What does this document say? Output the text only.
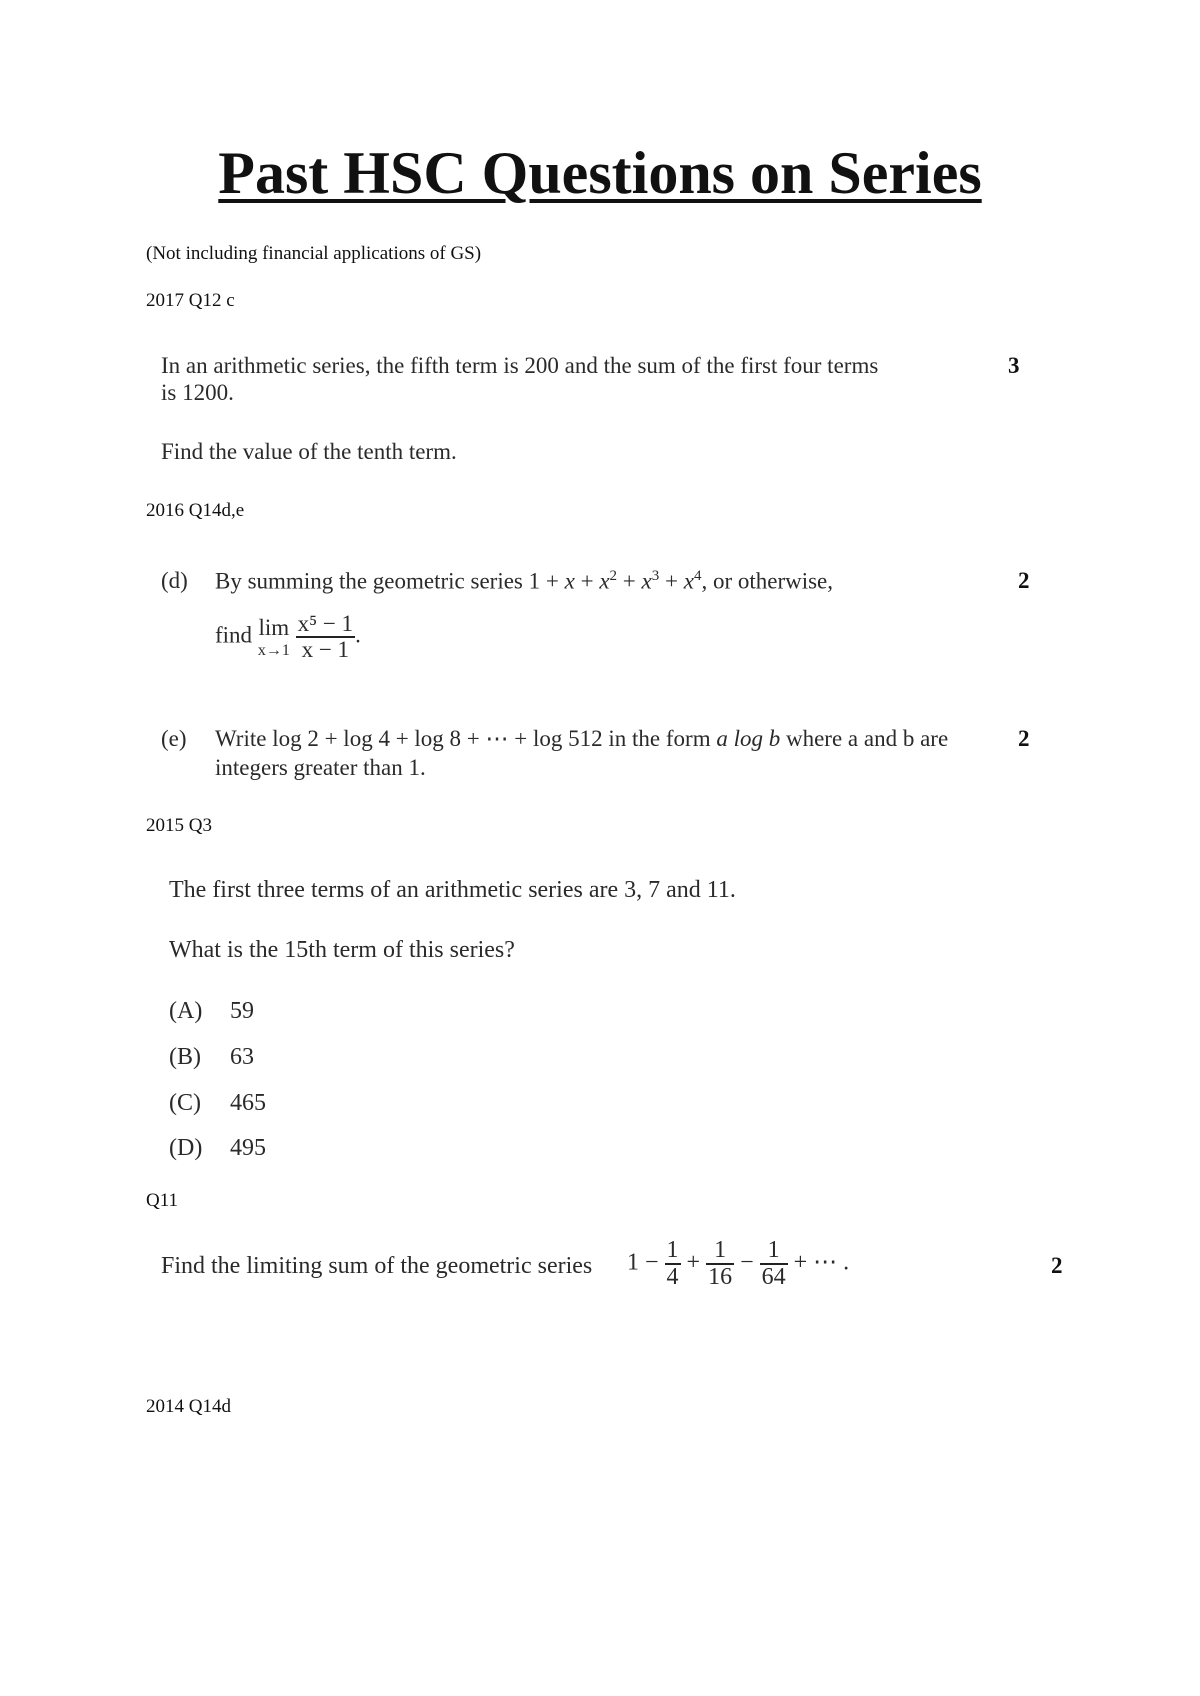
Past HSC Questions on Series
(Not including financial applications of GS)
2017 Q12 c
In an arithmetic series, the fifth term is 200 and the sum of the first four terms
is 1200.
Find the value of the tenth term.
3
2016 Q14d,e
(d) By summing the geometric series $1 + x + x^2 + x^3 + x^4$, or otherwise,	2
find lim
x→1
$\frac{\text{x⁵ − 1}}{x - 1}$ .
(e) Write log 2 + log 4 + log 8 + ⋯ + log 512 in the form a log b where a and b are
integers greater than 1.
2
2015 Q3
The first three terms of an arithmetic series are 3, 7 and 11.
What is the 15th term of this series?
(A) 59
(B) 63
(C) 465
(D) 495
Q11
Find the limiting sum of the geometric series $1 - \frac{1}{4} + \frac{1}{16} - \frac{1}{64}$ + ⋯ .	2
2014 Q14d
